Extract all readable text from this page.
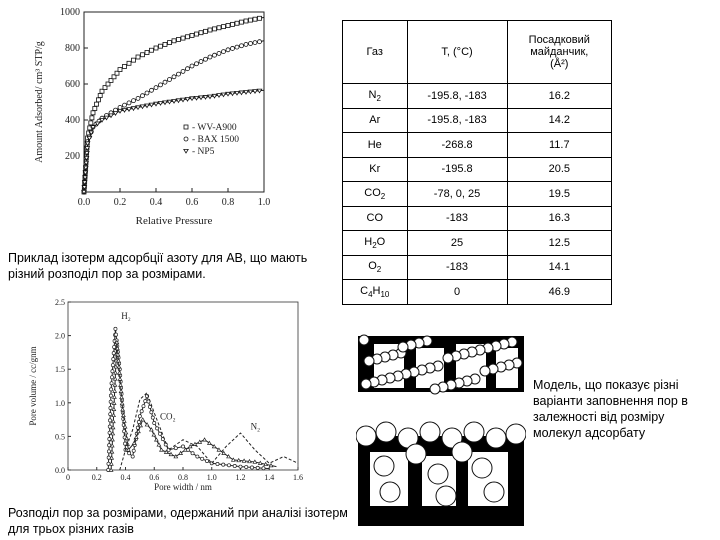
0.0 0.2 0.4 0.6 0.8 1.0
200
400
600
800
1000
Relative Pressure
Amount Adsorbed/ cm³ STP/g	- WV-A900
- BAX 1500
- NP5
Приклад ізотерм адсорбції азоту для АВ, що мають різний розподіл пор за розмірами.
Газ	T, (°C)	Посадковий майданчик,
(Å²)
$N_2$	-195.8, -183	16.2
Ar	-195.8, -183	14.2
He	-268.8	11.7
Kr	-195.8	20.5
$CO_2$	-78, 0, 25	19.5
CO	-183	16.3
$H_2O$	25	12.5
$O_2$	-183	14.1
$C_4H_{10}$	0	46.9
0	0.2 0.4 0.6 0.8 1.0 1.2 1.4 1.6
0.0
0.5
1.0
1.5
2.0
2.5
Pore width / nm
Pore volume / cc/gnm
H₂
CO₂
N₂
Розподіл пор за розмірами, одержаний при аналізі ізотерм для трьох різних газів
Модель, що показує різні варіанти заповнення пор в залежності від розміру молекул адсорбату
